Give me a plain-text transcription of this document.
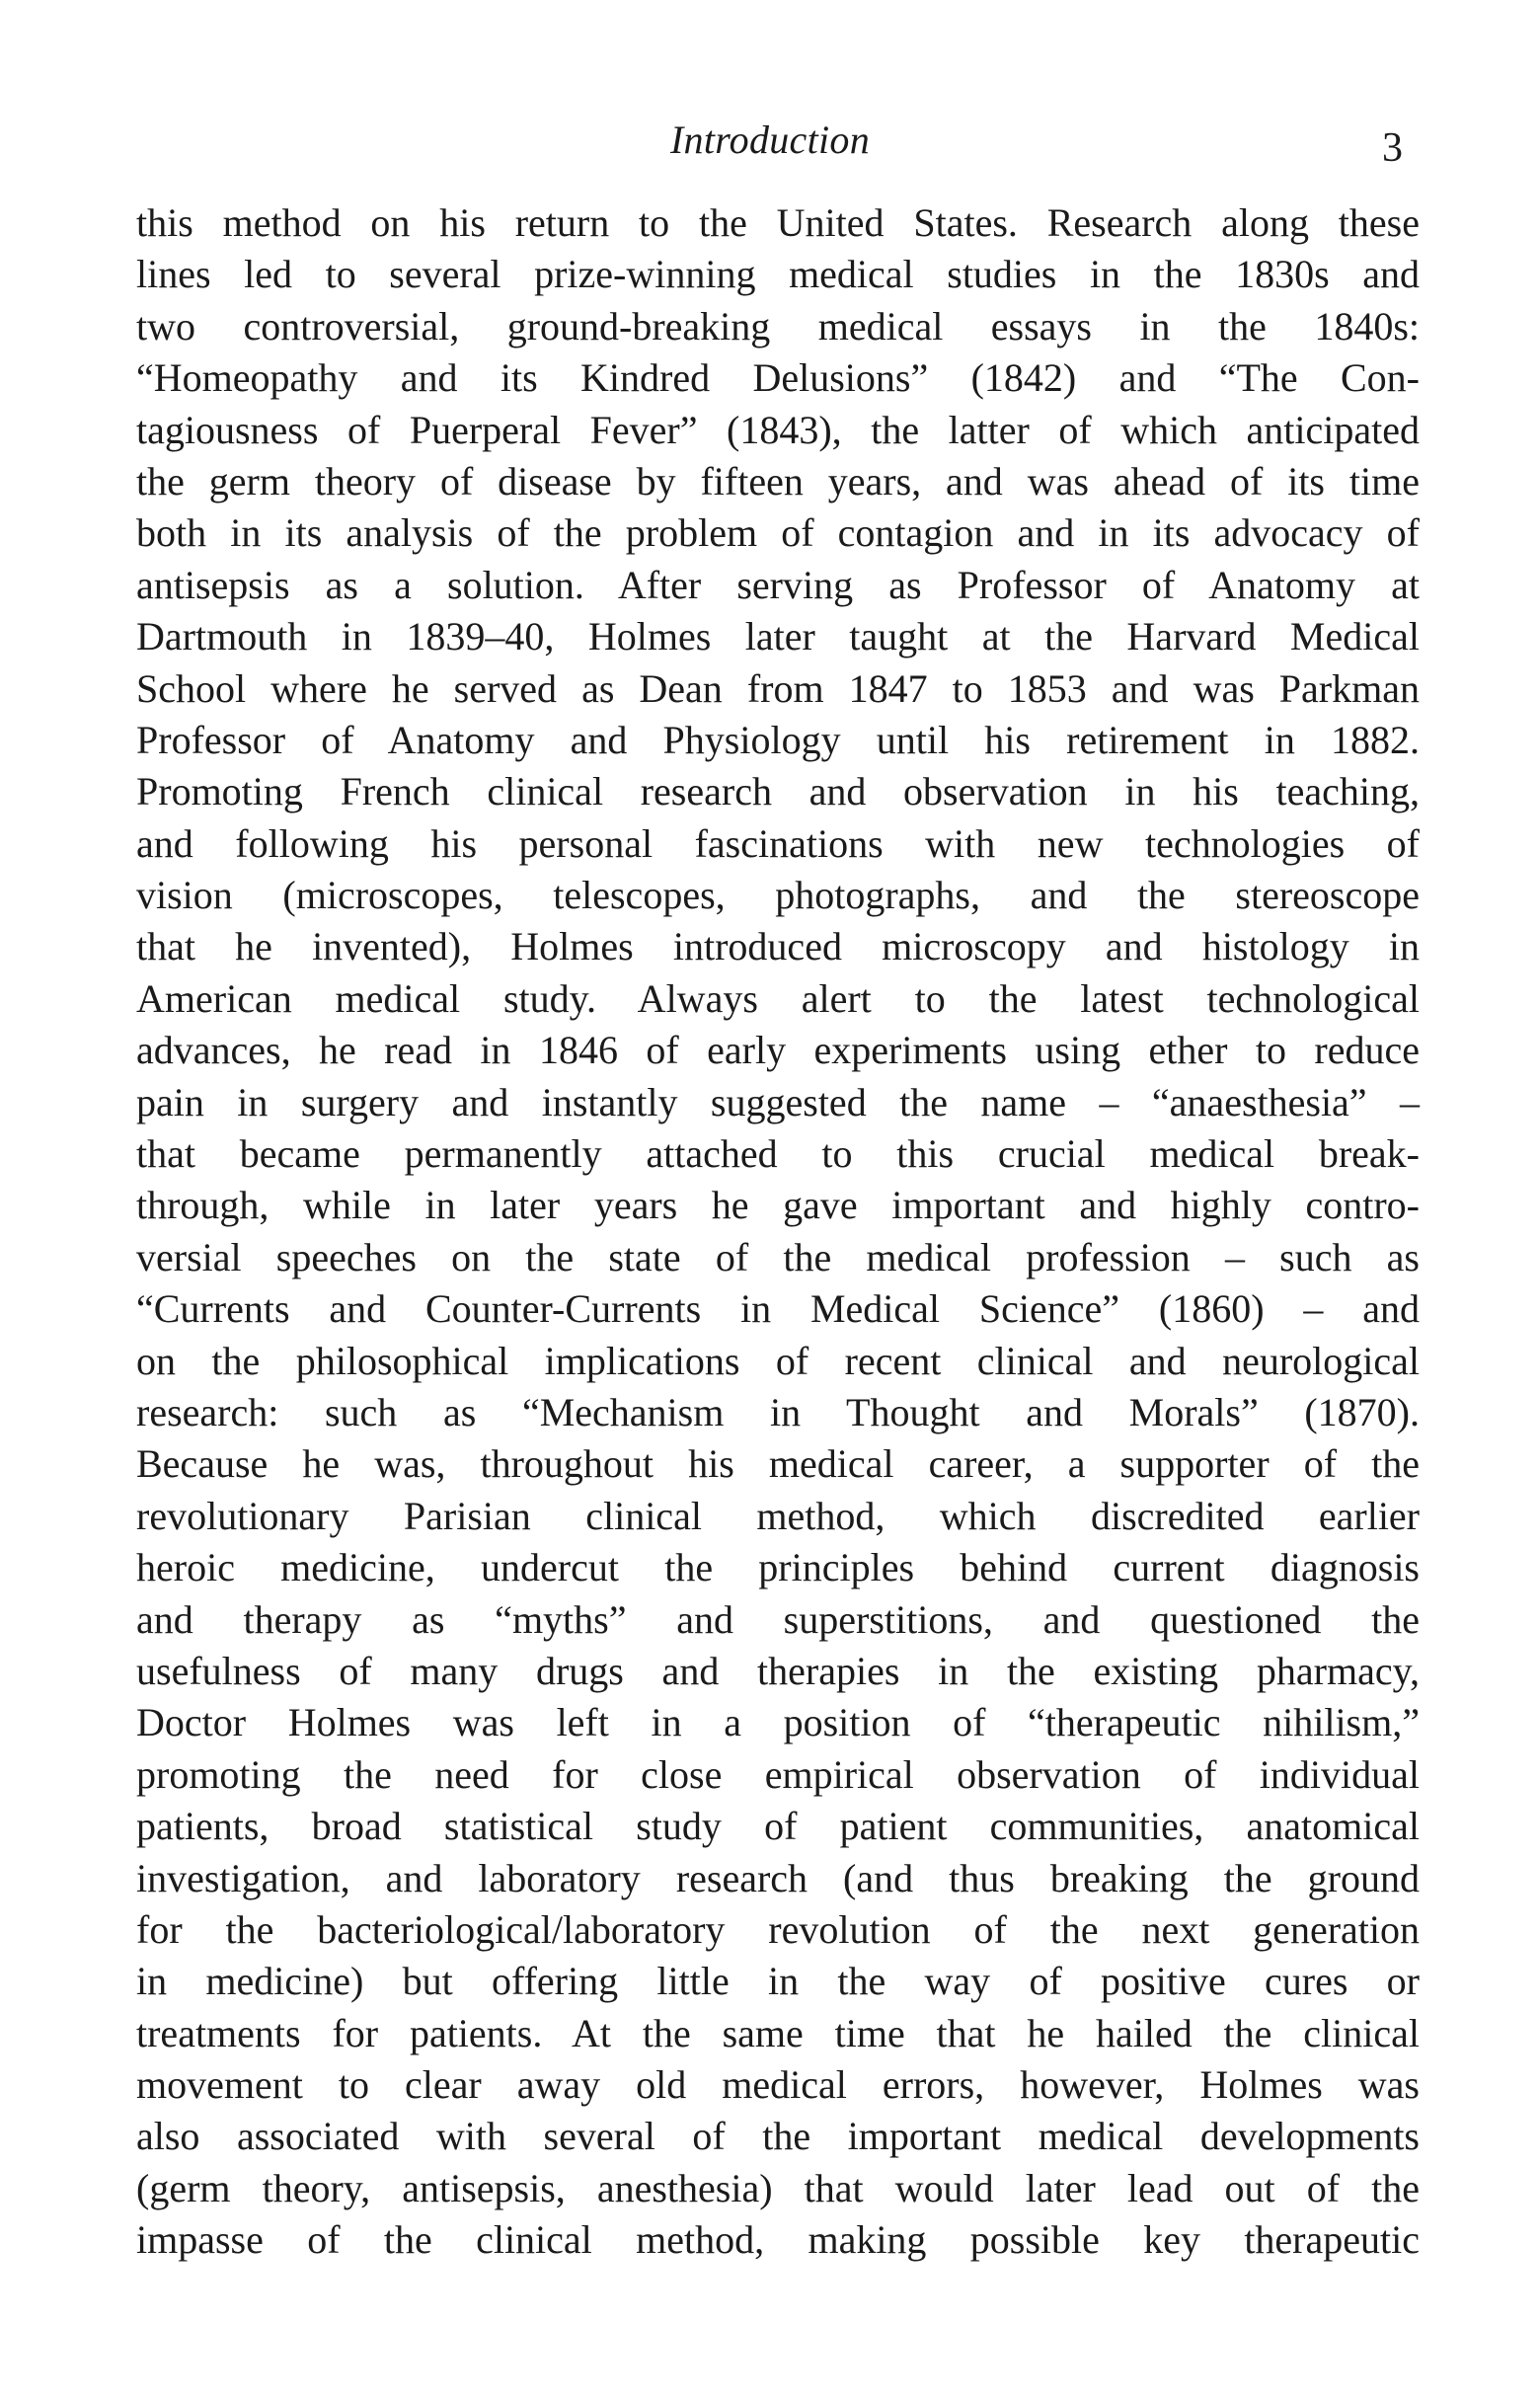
Introduction	3
this method on his return to the United States. Research along these
lines led to several prize-winning medical studies in the 1830s and
two controversial, ground-breaking medical essays in the 1840s:
“Homeopathy and its Kindred Delusions” (1842) and “The Con-
tagiousness of Puerperal Fever” (1843), the latter of which anticipated
the germ theory of disease by fifteen years, and was ahead of its time
both in its analysis of the problem of contagion and in its advocacy of
antisepsis as a solution. After serving as Professor of Anatomy at
Dartmouth in 1839–40, Holmes later taught at the Harvard Medical
School where he served as Dean from 1847 to 1853 and was Parkman
Professor of Anatomy and Physiology until his retirement in 1882.
Promoting French clinical research and observation in his teaching,
and following his personal fascinations with new technologies of
vision (microscopes, telescopes, photographs, and the stereoscope
that he invented), Holmes introduced microscopy and histology in
American medical study. Always alert to the latest technological
advances, he read in 1846 of early experiments using ether to reduce
pain in surgery and instantly suggested the name – “anaesthesia” –
that became permanently attached to this crucial medical break-
through, while in later years he gave important and highly contro-
versial speeches on the state of the medical profession – such as
“Currents and Counter-Currents in Medical Science” (1860) – and
on the philosophical implications of recent clinical and neurological
research: such as “Mechanism in Thought and Morals” (1870).
Because he was, throughout his medical career, a supporter of the
revolutionary Parisian clinical method, which discredited earlier
heroic medicine, undercut the principles behind current diagnosis
and therapy as “myths” and superstitions, and questioned the
usefulness of many drugs and therapies in the existing pharmacy,
Doctor Holmes was left in a position of “therapeutic nihilism,”
promoting the need for close empirical observation of individual
patients, broad statistical study of patient communities, anatomical
investigation, and laboratory research (and thus breaking the ground
for the bacteriological/laboratory revolution of the next generation
in medicine) but offering little in the way of positive cures or
treatments for patients. At the same time that he hailed the clinical
movement to clear away old medical errors, however, Holmes was
also associated with several of the important medical developments
(germ theory, antisepsis, anesthesia) that would later lead out of the
impasse of the clinical method, making possible key therapeutic
